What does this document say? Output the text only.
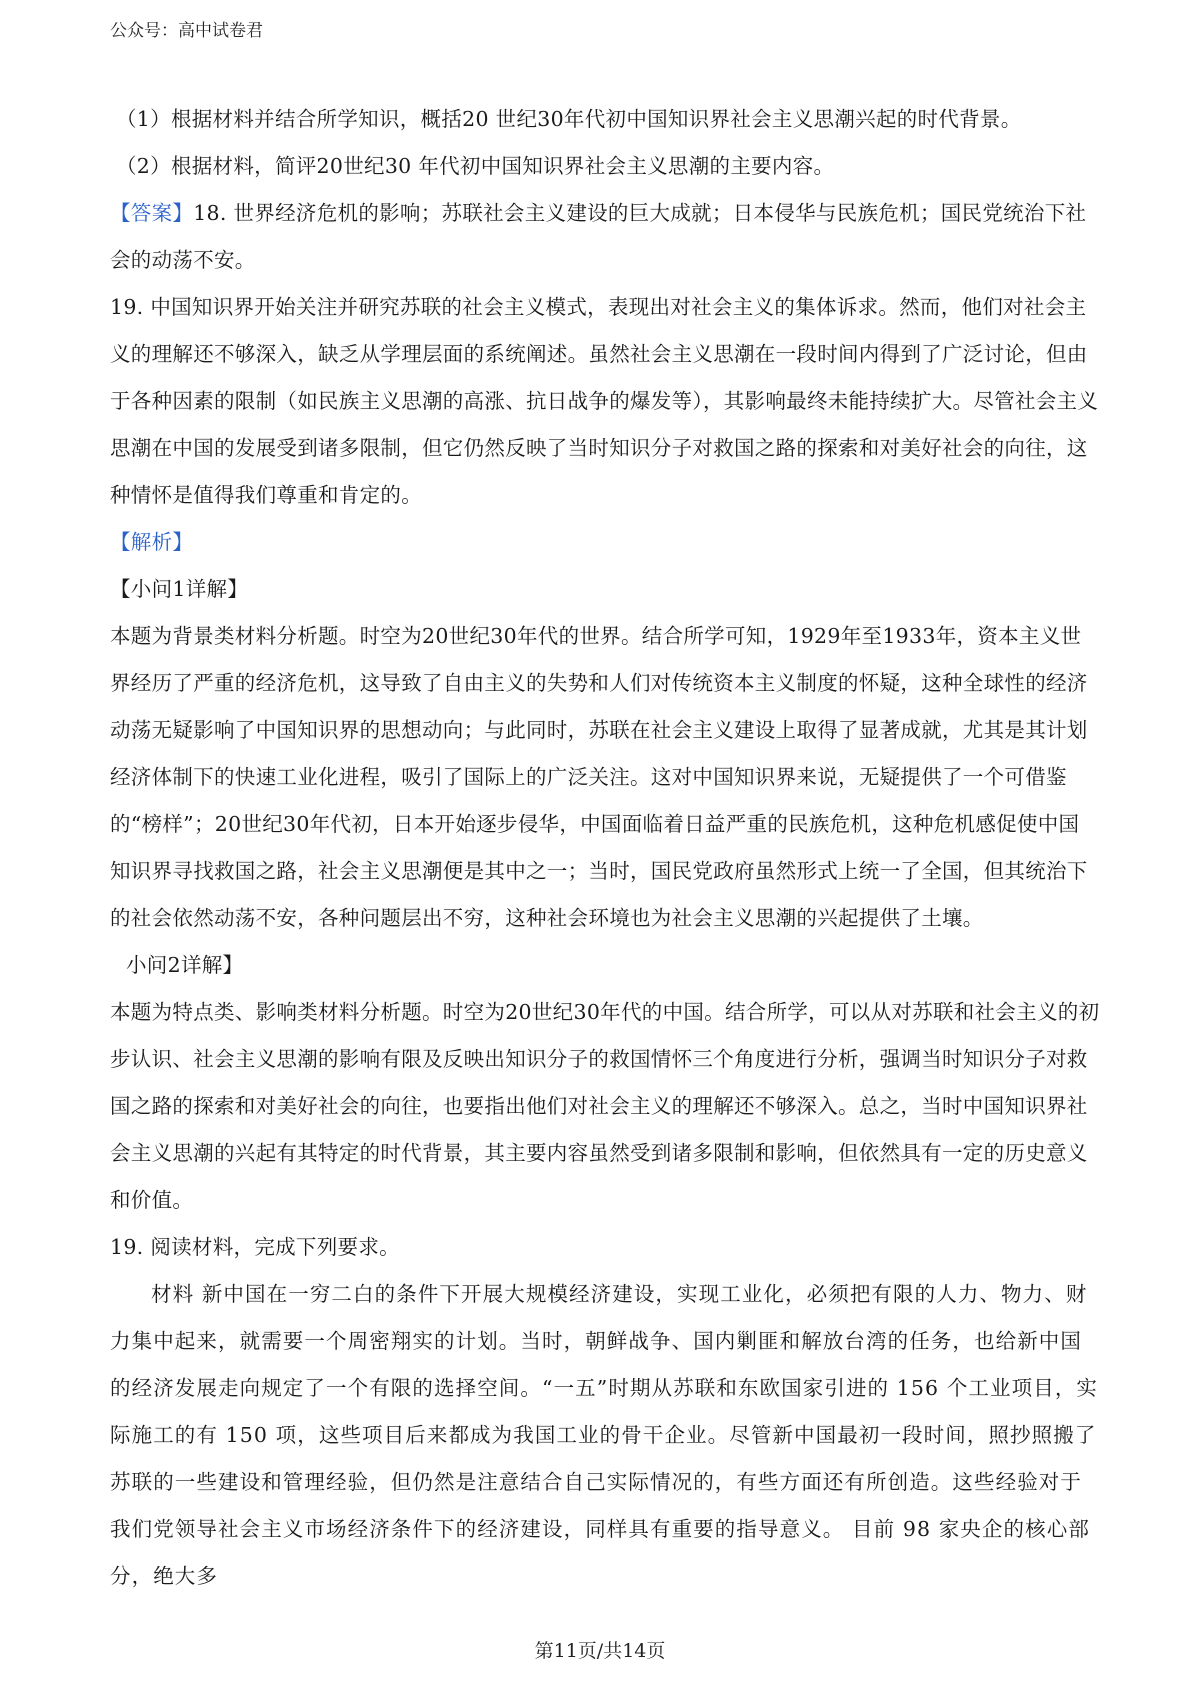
公众号：高中试卷君

（1）根据材料并结合所学知识，概括20 世纪30年代初中国知识界社会主义思潮兴起的时代背景。

（2）根据材料，简评20世纪30 年代初中国知识界社会主义思潮的主要内容。

【答案】18. 世界经济危机的影响；苏联社会主义建设的巨大成就；日本侵华与民族危机；国民党统治下社会的动荡不安。

19. 中国知识界开始关注并研究苏联的社会主义模式，表现出对社会主义的集体诉求。然而，他们对社会主义的理解还不够深入，缺乏从学理层面的系统阐述。虽然社会主义思潮在一段时间内得到了广泛讨论，但由于各种因素的限制（如民族主义思潮的高涨、抗日战争的爆发等），其影响最终未能持续扩大。尽管社会主义思潮在中国的发展受到诸多限制，但它仍然反映了当时知识分子对救国之路的探索和对美好社会的向往，这种情怀是值得我们尊重和肯定的。

【解析】

【小问1详解】

本题为背景类材料分析题。时空为20世纪30年代的世界。结合所学可知，1929年至1933年，资本主义世界经历了严重的经济危机，这导致了自由主义的失势和人们对传统资本主义制度的怀疑，这种全球性的经济动荡无疑影响了中国知识界的思想动向；与此同时，苏联在社会主义建设上取得了显著成就，尤其是其计划经济体制下的快速工业化进程，吸引了国际上的广泛关注。这对中国知识界来说，无疑提供了一个可借鉴的“榜样”；20世纪30年代初，日本开始逐步侵华，中国面临着日益严重的民族危机，这种危机感促使中国知识界寻找救国之路，社会主义思潮便是其中之一；当时，国民党政府虽然形式上统一了全国，但其统治下的社会依然动荡不安，各种问题层出不穷，这种社会环境也为社会主义思潮的兴起提供了土壤。

小问2详解】

本题为特点类、影响类材料分析题。时空为20世纪30年代的中国。结合所学，可以从对苏联和社会主义的初步认识、社会主义思潮的影响有限及反映出知识分子的救国情怀三个角度进行分析，强调当时知识分子对救国之路的探索和对美好社会的向往，也要指出他们对社会主义的理解还不够深入。总之，当时中国知识界社会主义思潮的兴起有其特定的时代背景，其主要内容虽然受到诸多限制和影响，但依然具有一定的历史意义和价值。

19. 阅读材料，完成下列要求。

材料 新中国在一穷二白的条件下开展大规模经济建设，实现工业化，必须把有限的人力、物力、财力集中起来，就需要一个周密翔实的计划。当时，朝鲜战争、国内剿匪和解放台湾的任务，也给新中国的经济发展走向规定了一个有限的选择空间。“一五”时期从苏联和东欧国家引进的 156 个工业项目，实际施工的有 150 项，这些项目后来都成为我国工业的骨干企业。尽管新中国最初一段时间，照抄照搬了苏联的一些建设和管理经验，但仍然是注意结合自己实际情况的，有些方面还有所创造。这些经验对于我们党领导社会主义市场经济条件下的经济建设，同样具有重要的指导意义。 目前 98 家央企的核心部分，绝大多

第11页/共14页
